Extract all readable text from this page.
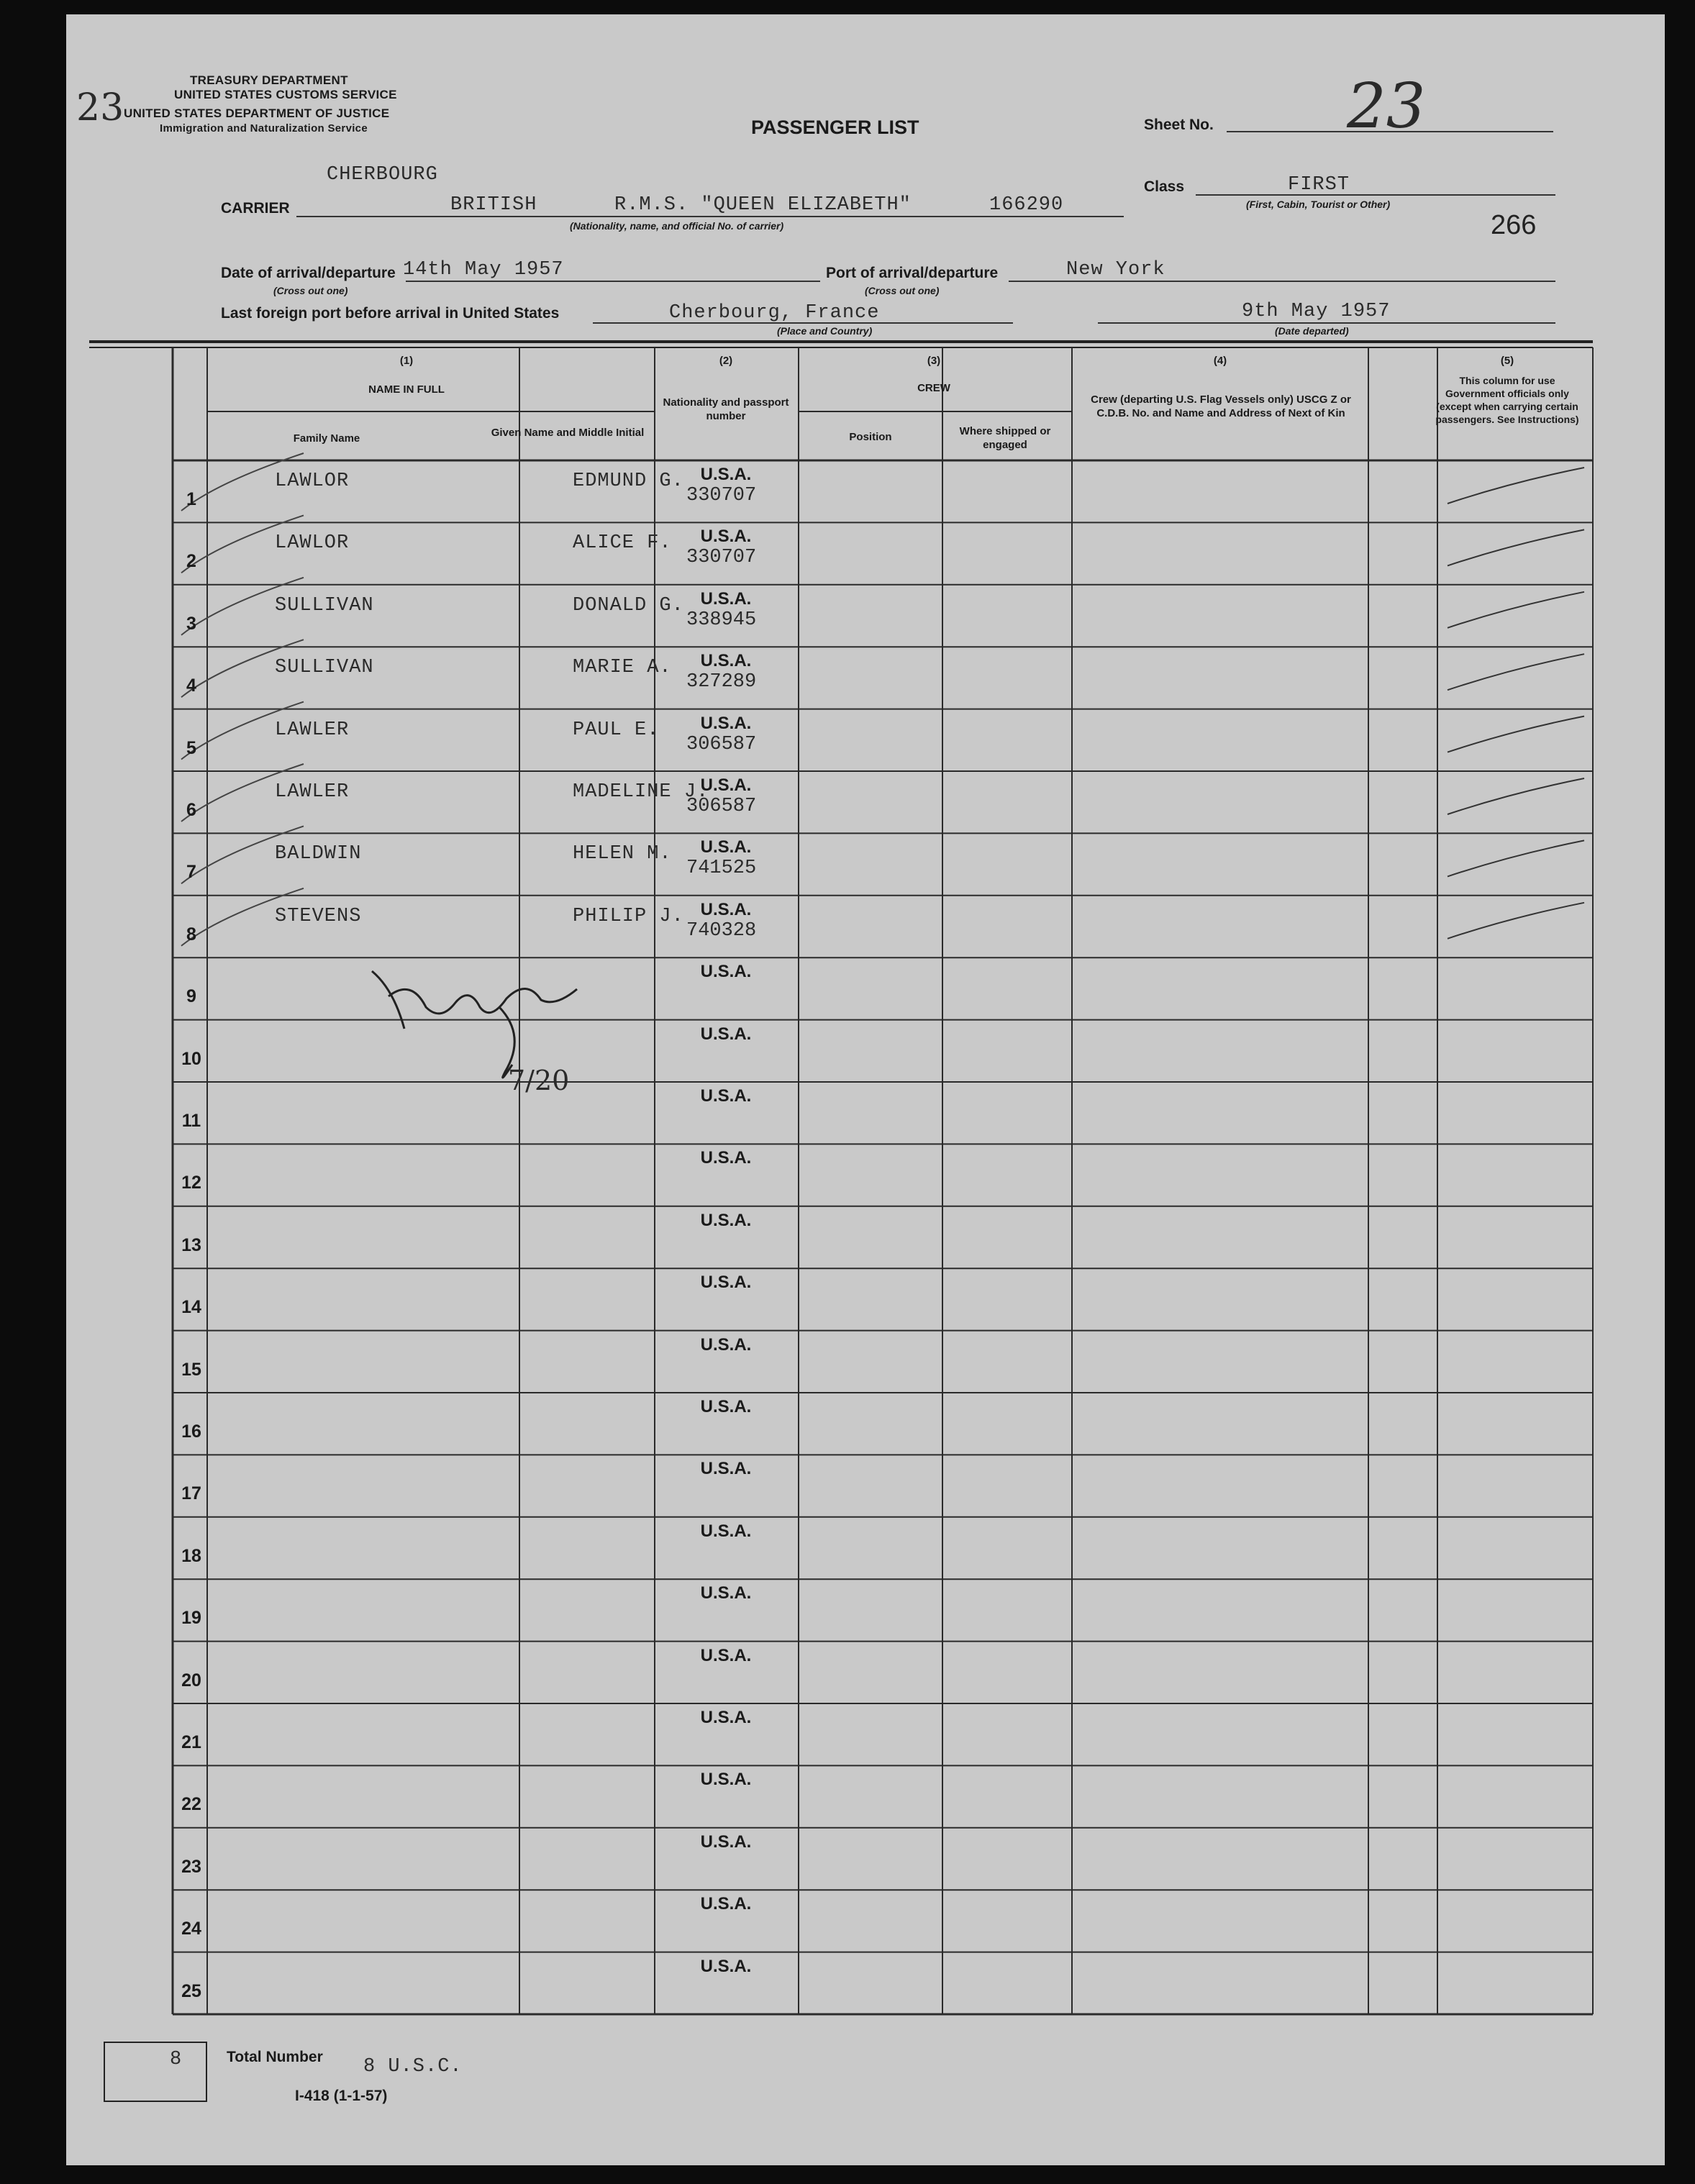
23
TREASURY DEPARTMENT
UNITED STATES CUSTOMS SERVICE
UNITED STATES DEPARTMENT OF JUSTICE
Immigration and Naturalization Service	PASSENGER LIST	Sheet No. 23
CHERBOURG
CARRIER	BRITISH	R.M.S. "QUEEN ELIZABETH"	166290
(Nationality, name, and official No. of carrier)
Class	FIRST
(First, Cabin, Tourist or Other)
266
Date of arrival/departure
(Cross out one)
14th May 1957	Port of arrival/departure
(Cross out one)
New York
Last foreign port before arrival in United States	Cherbourg, France
(Place and Country)
9th May 1957
(Date departed)
(1)
NAME IN FULL
Family Name	Given Name and Middle Initial
(2)
Nationality and passport number
(3)
CREW
Position	Where shipped or engaged
(4)
Crew (departing U.S. Flag Vessels only) USCG Z or C.D.B. No. and Name and Address of Next of Kin
(5)
This column for use Government officials only (except when carrying certain passengers. See Instructions)
1
LAWLOR	EDMUND G. U.S.A.
330707
2
LAWLOR	ALICE F.	U.S.A.
330707
3
SULLIVAN	DONALD G. U.S.A.
338945
4
SULLIVAN	MARIE A.	U.S.A.
327289
5
LAWLER	PAUL E.	U.S.A.
306587
6
LAWLER	MADELINE J.
U.S.A.
306587
7
BALDWIN	HELEN M.	U.S.A.
741525
8
STEVENS	PHILIP J. U.S.A.
740328
9
U.S.A.
10
U.S.A.
11
U.S.A.
12
U.S.A.
13
U.S.A.
14
U.S.A.
15
U.S.A.
16
U.S.A.
17
U.S.A.
18
U.S.A.
19
U.S.A.
20
U.S.A.
21
U.S.A.
22
U.S.A.
23
U.S.A.
24
U.S.A.
25
U.S.A.
7/20
8	Total Number 8 U.S.C.
I-418 (1-1-57)
